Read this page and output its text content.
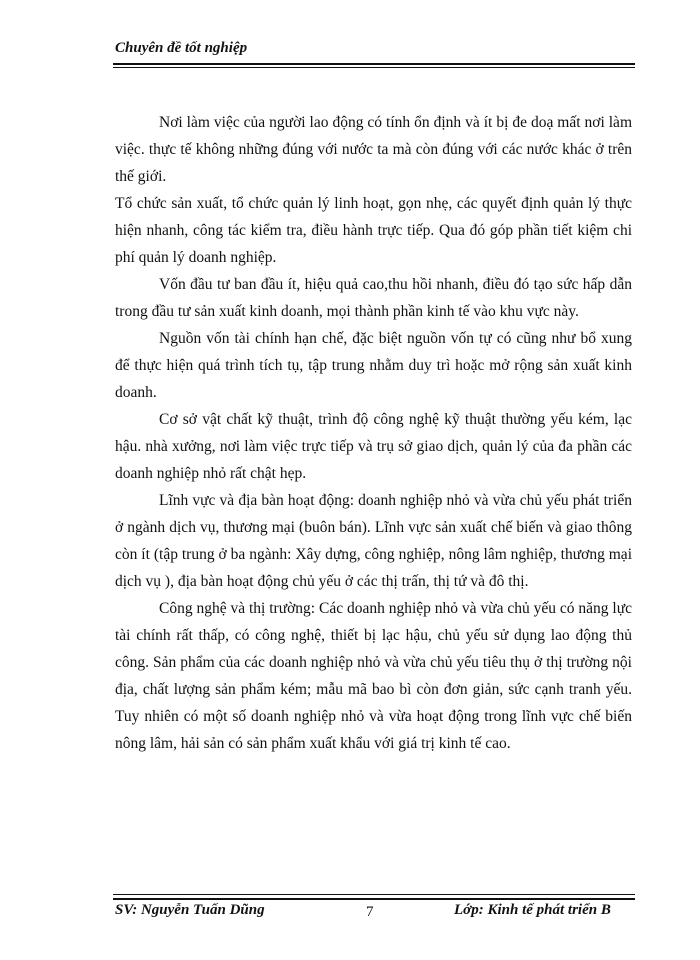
Chuyên đề tốt nghiệp

Nơi làm việc của người lao động có tính ổn định và ít bị đe doạ mất nơi làm việc. thực tế không những đúng với nước ta mà còn đúng với các nước khác ở trên thế giới.

Tổ chức sản xuất, tổ chức quản lý linh hoạt, gọn nhẹ, các quyết định quản lý thực hiện nhanh, công tác kiểm tra, điều hành trực tiếp. Qua đó góp phần tiết kiệm chi phí quản lý doanh nghiệp.

Vốn đầu tư ban đầu ít, hiệu quả cao,thu hồi nhanh, điều đó tạo sức hấp dẫn trong đầu tư sản xuất kinh doanh, mọi thành phần kinh tế vào khu vực này.

Nguồn vốn tài chính hạn chế, đặc biệt nguồn vốn tự có cũng như bổ xung để thực hiện quá trình tích tụ, tập trung nhằm duy trì hoặc mở rộng sản xuất kinh doanh.

Cơ sở vật chất kỹ thuật, trình độ công nghệ kỹ thuật thường yếu kém, lạc hậu. nhà xưởng, nơi làm việc trực tiếp và trụ sở giao dịch, quản lý của đa phần các doanh nghiệp nhỏ rất chật hẹp.

Lĩnh vực và địa bàn hoạt động: doanh nghiệp nhỏ và vừa chủ yếu phát triển ở ngành dịch vụ, thương mại (buôn bán). Lĩnh vực sản xuất chế biến và giao thông còn ít (tập trung ở ba ngành: Xây dựng, công nghiệp, nông lâm nghiệp, thương mại dịch vụ ), địa bàn hoạt động chủ yếu ở các thị trấn, thị tứ và đô thị.

Công nghệ và thị trường: Các doanh nghiệp nhỏ và vừa chủ yếu có năng lực tài chính rất thấp, có công nghệ, thiết bị lạc hậu, chủ yếu sử dụng lao động thủ công. Sản phẩm của các doanh nghiệp nhỏ và vừa chủ yếu tiêu thụ ở thị trường nội địa, chất lượng sản phẩm kém; mẫu mã bao bì còn đơn giản, sức cạnh tranh yếu. Tuy nhiên có một số doanh nghiệp nhỏ và vừa hoạt động trong lĩnh vực chế biến nông lâm, hải sản có sản phẩm xuất khẩu với giá trị kinh tế cao.

SV: Nguyễn Tuấn Dũng	7	Lớp: Kinh tế phát triển B
